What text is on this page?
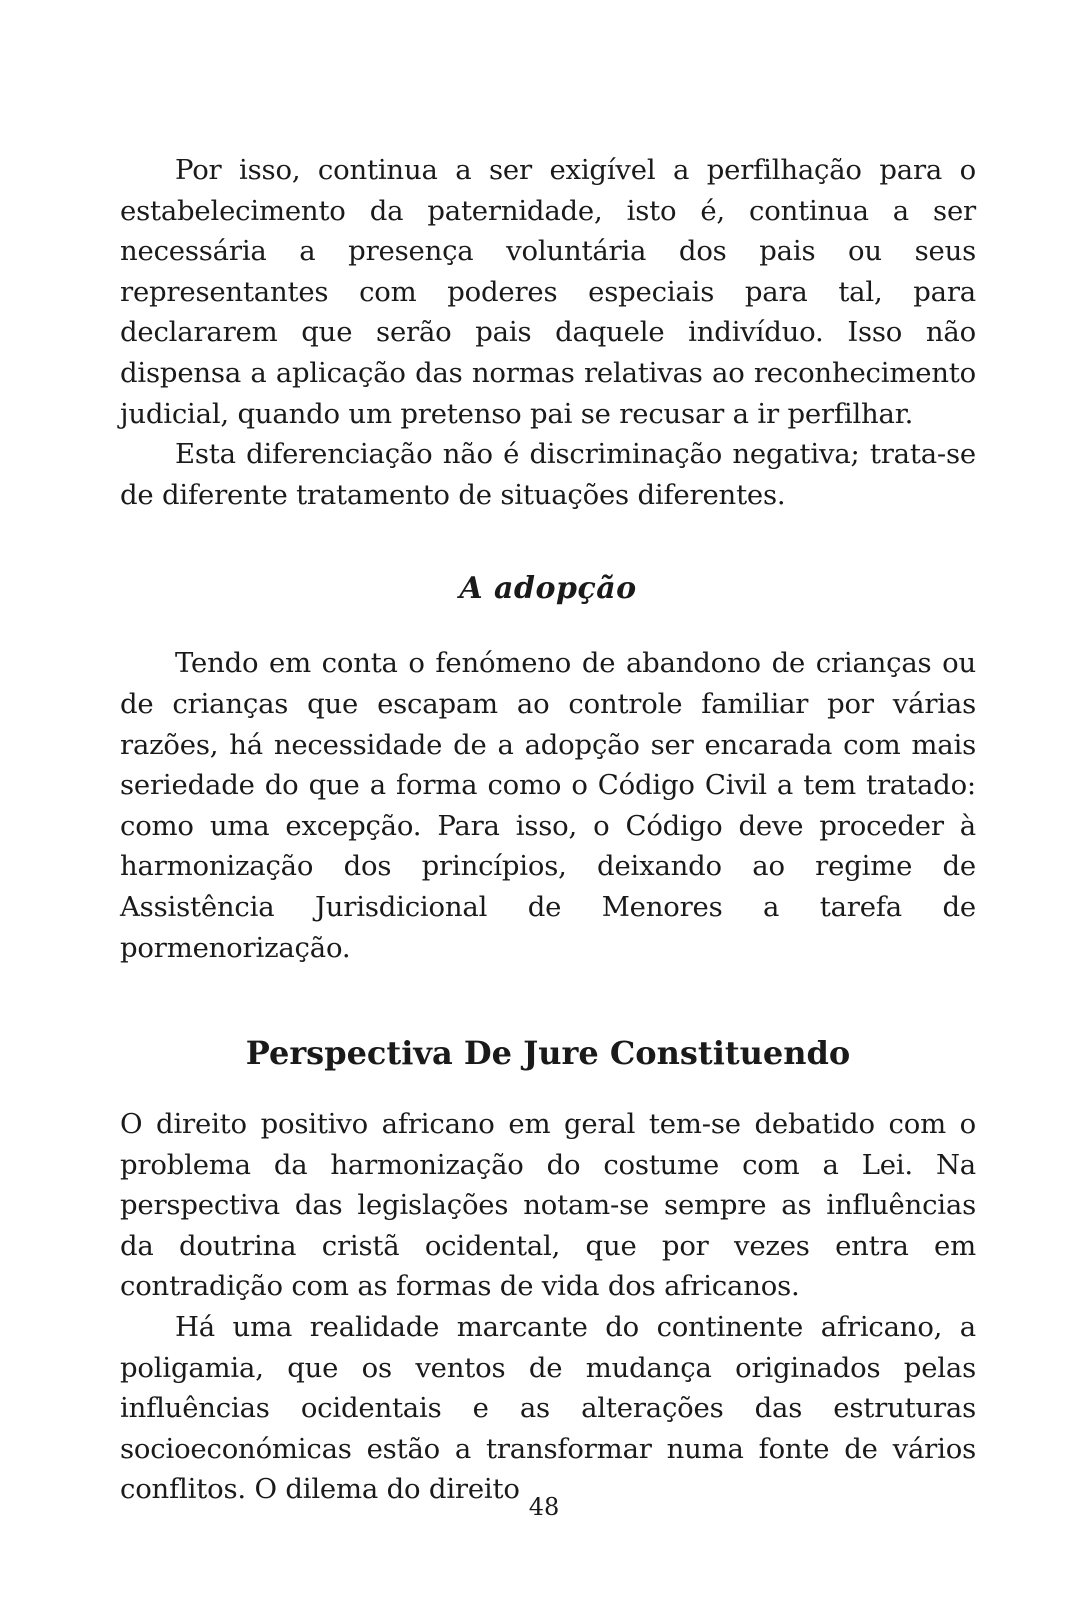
Por isso, continua a ser exigível a perfilhação para o estabelecimento da paternidade, isto é, continua a ser necessária a presença voluntária dos pais ou seus representantes com poderes especiais para tal, para declararem que serão pais daquele indivíduo. Isso não dispensa a aplicação das normas relativas ao reconhecimento judicial, quando um pretenso pai se recusar a ir perfilhar.

Esta diferenciação não é discriminação negativa; trata-se de diferente tratamento de situações diferentes.

A adopção

Tendo em conta o fenómeno de abandono de crianças ou de crianças que escapam ao controle familiar por várias razões, há necessidade de a adopção ser encarada com mais seriedade do que a forma como o Código Civil a tem tratado: como uma excepção. Para isso, o Código deve proceder à harmonização dos princípios, deixando ao regime de Assistência Jurisdicional de Menores a tarefa de pormenorização.

Perspectiva De Jure Constituendo

O direito positivo africano em geral tem-se debatido com o problema da harmonização do costume com a Lei. Na perspectiva das legislações notam-se sempre as influências da doutrina cristã ocidental, que por vezes entra em contradição com as formas de vida dos africanos.

Há uma realidade marcante do continente africano, a poligamia, que os ventos de mudança originados pelas influências ocidentais e as alterações das estruturas socioeconómicas estão a transformar numa fonte de vários conflitos. O dilema do direito

48
